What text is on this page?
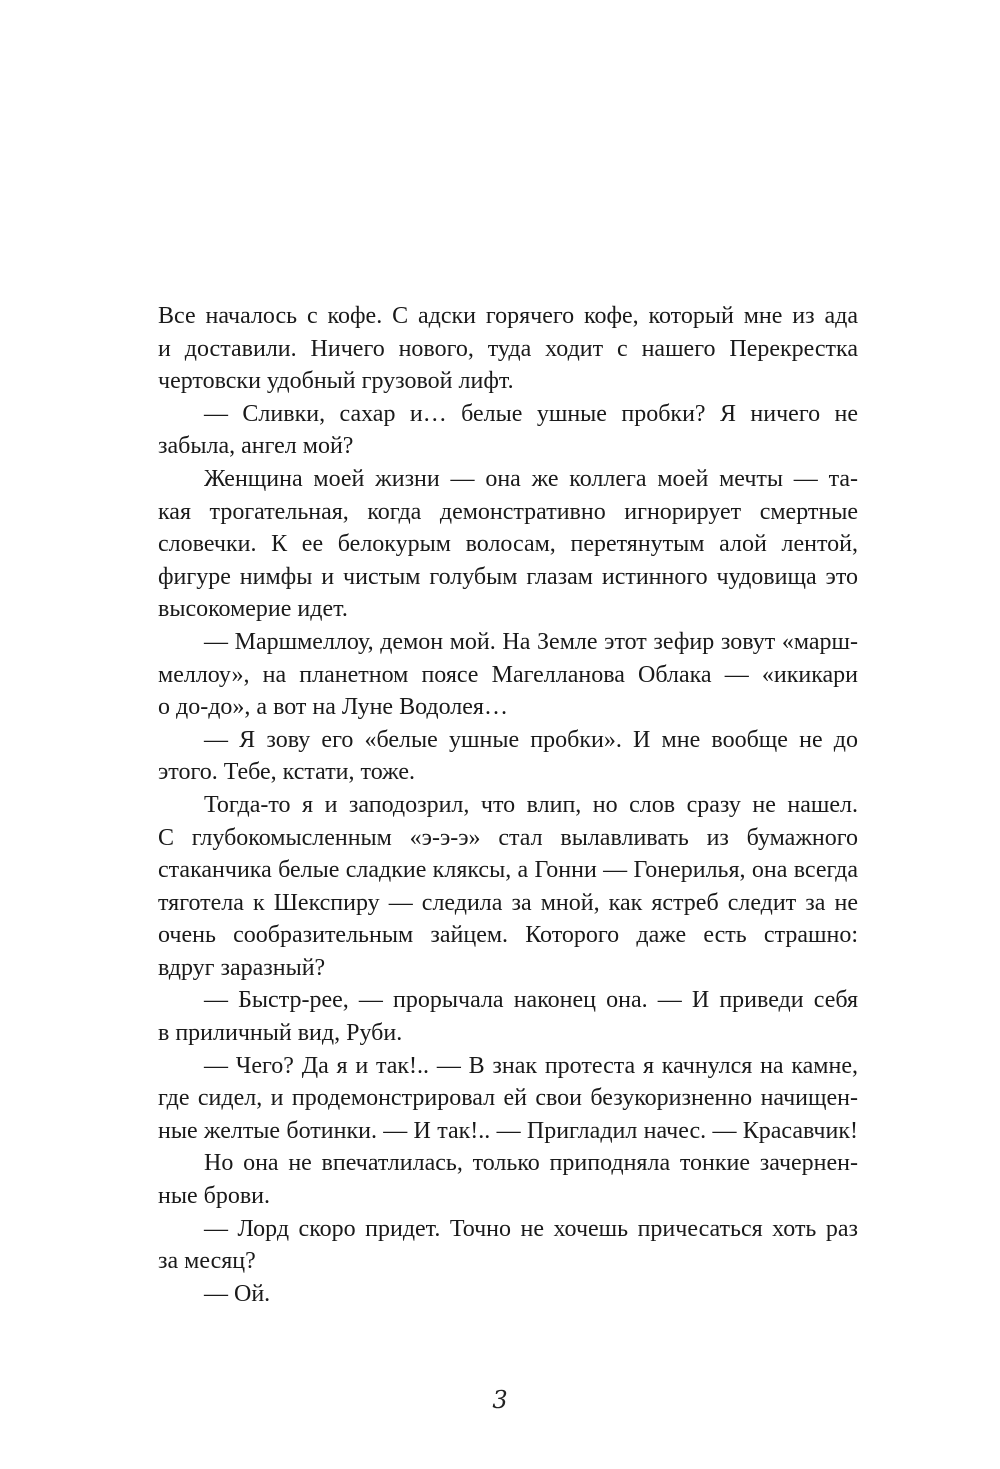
Все началось с кофе. С адски горячего кофе, который мне из ада
и доставили. Ничего нового, туда ходит с нашего Перекрестка
чертовски удобный грузовой лифт.
— Сливки, сахар и… белые ушные пробки? Я ничего не
забыла, ангел мой?
Женщина моей жизни — она же коллега моей мечты — та-
кая трогательная, когда демонстративно игнорирует смертные
словечки. К ее белокурым волосам, перетянутым алой лентой,
фигуре нимфы и чистым голубым глазам истинного чудовища это
высокомерие идет.
— Маршмеллоу, демон мой. На Земле этот зефир зовут «марш-
меллоу», на планетном поясе Магелланова Облака — «икикари
о до-до», а вот на Луне Водолея…
— Я зову его «белые ушные пробки». И мне вообще не до
этого. Тебе, кстати, тоже.
Тогда-то я и заподозрил, что влип, но слов сразу не нашел.
С глубокомысленным «э-э-э» стал вылавливать из бумажного
стаканчика белые сладкие кляксы, а Гонни — Гонерилья, она всегда
тяготела к Шекспиру — следила за мной, как ястреб следит за не
очень сообразительным зайцем. Которого даже есть страшно:
вдруг заразный?
— Быстр-рее, — прорычала наконец она. — И приведи себя
в приличный вид, Руби.
— Чего? Да я и так!.. — В знак протеста я качнулся на камне,
где сидел, и продемонстрировал ей свои безукоризненно начищен-
ные желтые ботинки. — И так!.. — Пригладил начес. — Красавчик!
Но она не впечатлилась, только приподняла тонкие зачернен-
ные брови.
— Лорд скоро придет. Точно не хочешь причесаться хоть раз
за месяц?
— Ой.
3
